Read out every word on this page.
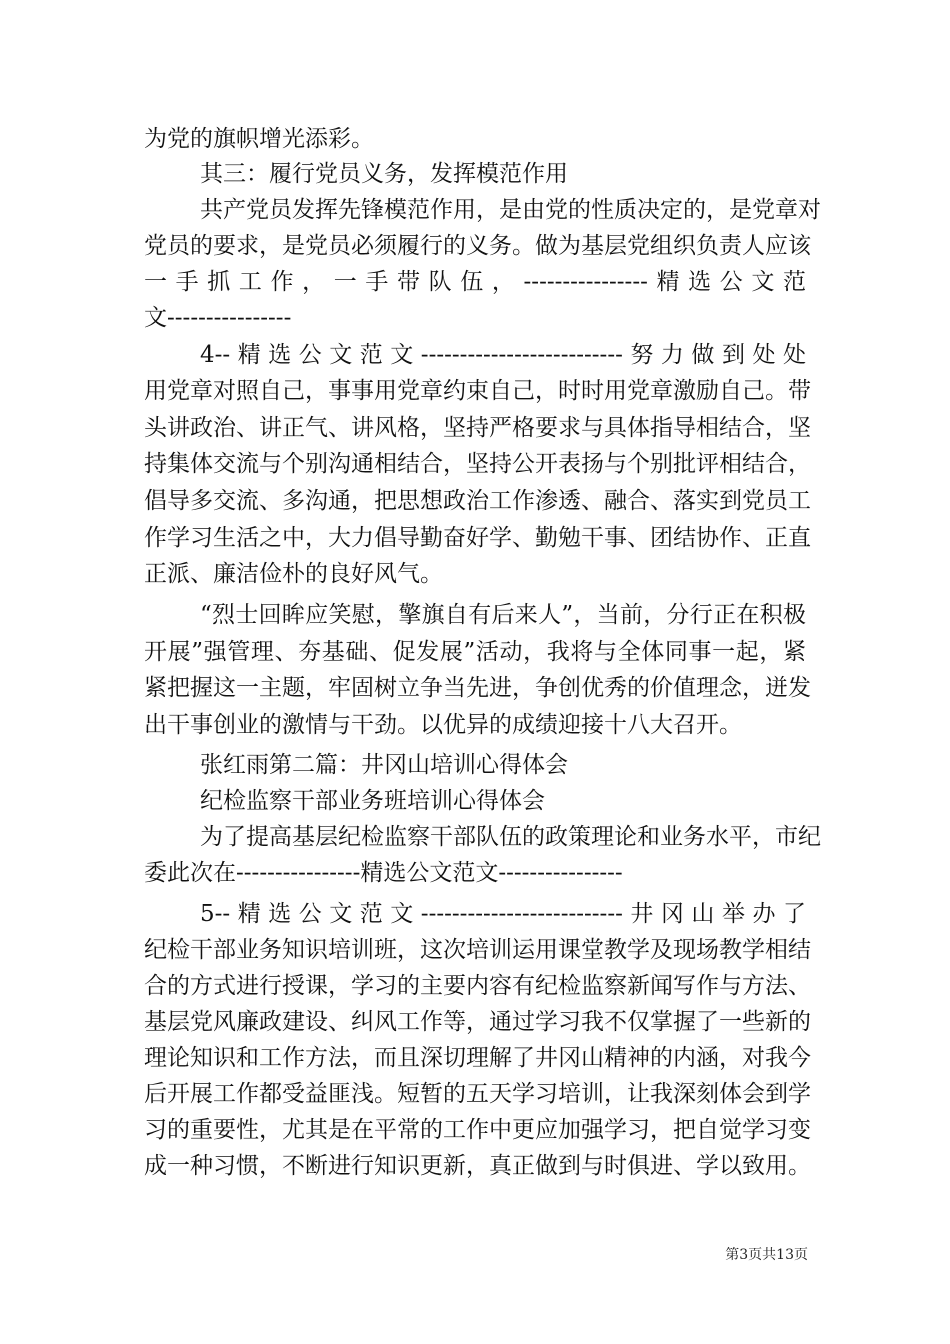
为党的旗帜增光添彩。
其三：履行党员义务，发挥模范作用
共产党员发挥先锋模范作用，是由党的性质决定的，是党章对
党员的要求，是党员必须履行的义务。做为基层党组织负责人应该
一手抓工作，一手带队伍，----------------精选公文范
文----------------
4--精选公文范文--------------------------努力做到处处
用党章对照自己，事事用党章约束自己，时时用党章激励自己。带
头讲政治、讲正气、讲风格，坚持严格要求与具体指导相结合，坚
持集体交流与个别沟通相结合，坚持公开表扬与个别批评相结合，
倡导多交流、多沟通，把思想政治工作渗透、融合、落实到党员工
作学习生活之中，大力倡导勤奋好学、勤勉干事、团结协作、正直
正派、廉洁俭朴的良好风气。
“烈士回眸应笑慰，擎旗自有后来人”，当前，分行正在积极
开展”强管理、夯基础、促发展”活动，我将与全体同事一起，紧
紧把握这一主题，牢固树立争当先进，争创优秀的价值理念，迸发
出干事创业的激情与干劲。以优异的成绩迎接十八大召开。
张红雨第二篇：井冈山培训心得体会
纪检监察干部业务班培训心得体会
为了提高基层纪检监察干部队伍的政策理论和业务水平，市纪
委此次在----------------精选公文范文----------------
5--精选公文范文--------------------------井冈山举办了
纪检干部业务知识培训班，这次培训运用课堂教学及现场教学相结
合的方式进行授课，学习的主要内容有纪检监察新闻写作与方法、
基层党风廉政建设、纠风工作等，通过学习我不仅掌握了一些新的
理论知识和工作方法，而且深切理解了井冈山精神的内涵，对我今
后开展工作都受益匪浅。短暂的五天学习培训，让我深刻体会到学
习的重要性，尤其是在平常的工作中更应加强学习，把自觉学习变
成一种习惯，不断进行知识更新，真正做到与时俱进、学以致用。
第3页共13页
